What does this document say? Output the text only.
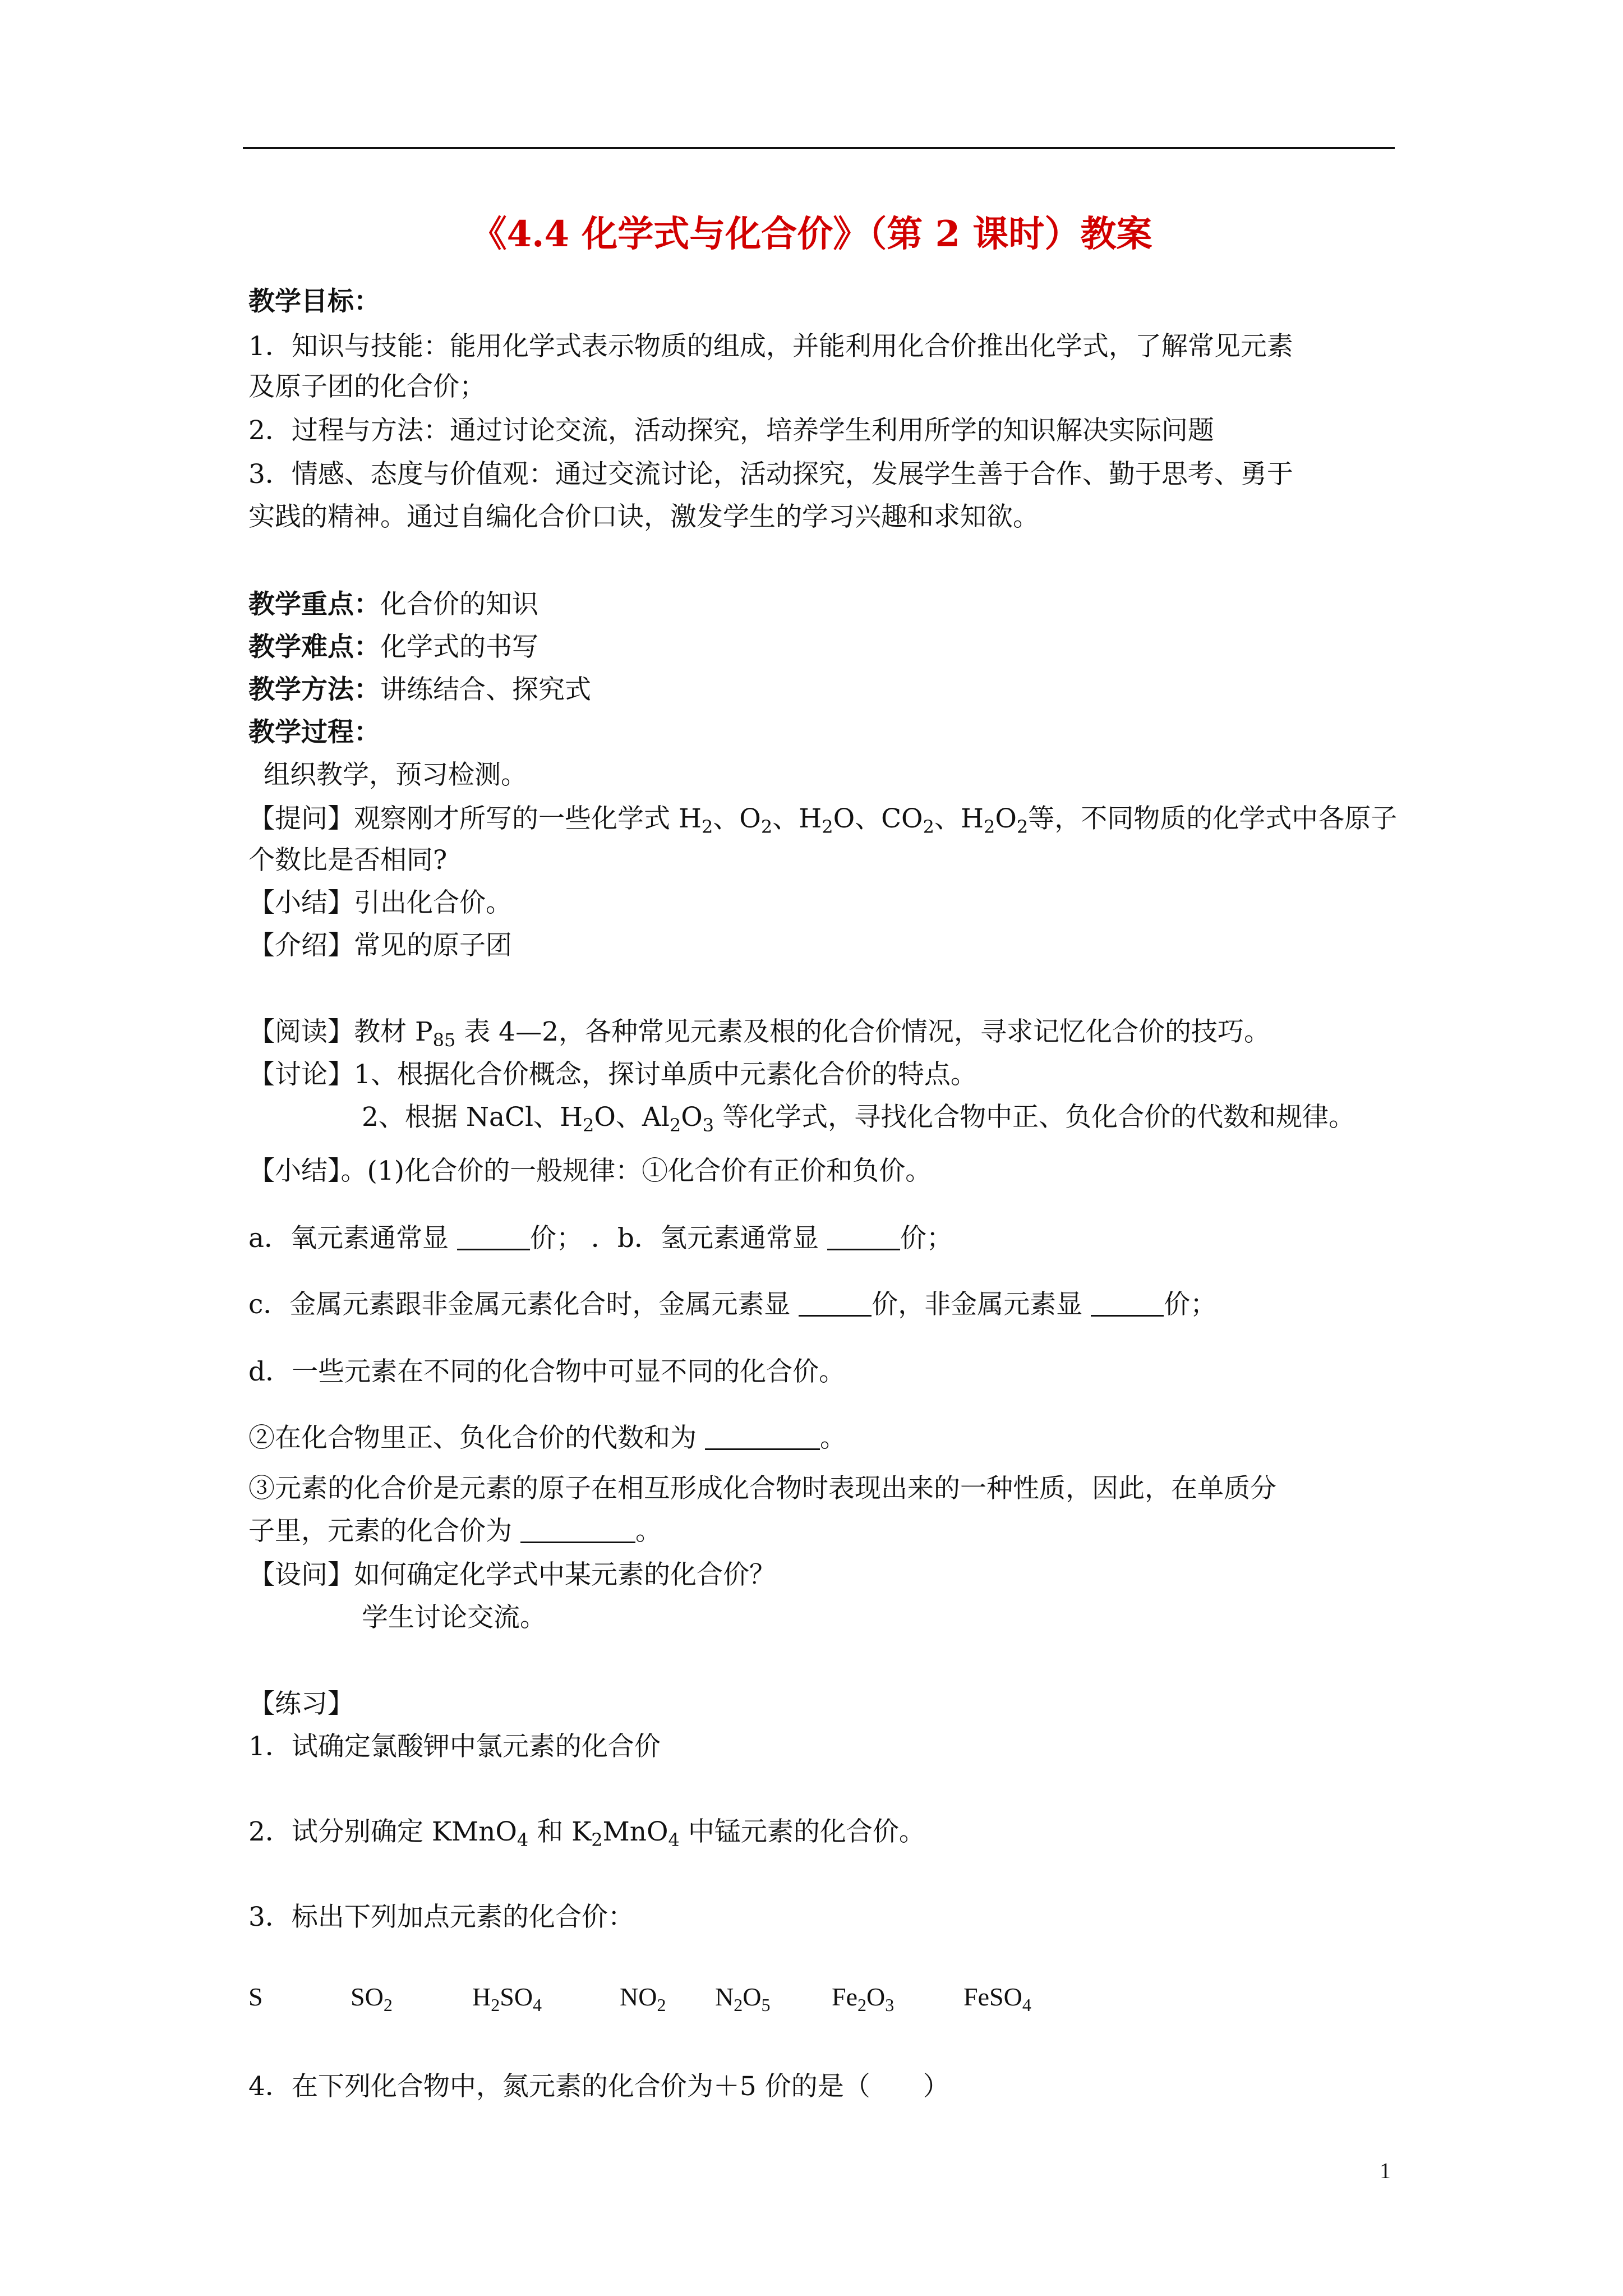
《4.4 化学式与化合价》（第 2 课时）教案

教学目标：

1．知识与技能：能用化学式表示物质的组成，并能利用化合价推出化学式，了解常见元素

及原子团的化合价；

2．过程与方法：通过讨论交流，活动探究，培养学生利用所学的知识解决实际问题

3．情感、态度与价值观：通过交流讨论，活动探究，发展学生善于合作、勤于思考、勇于

实践的精神。通过自编化合价口诀，激发学生的学习兴趣和求知欲。

教学重点：化合价的知识

教学难点：化学式的书写

教学方法：讲练结合、探究式

教学过程：

组织教学，预习检测。

【提问】观察刚才所写的一些化学式 $H_2$、$O_2$、$H_2O$、$CO_2$、$H_2O_2$等，不同物质的化学式中各原子

个数比是否相同?

【小结】引出化合价。

【介绍】常见的原子团

【阅读】教材 $P_{85}$ 表 4—2，各种常见元素及根的化合价情况，寻求记忆化合价的技巧。

【讨论】1、根据化合价概念，探讨单质中元素化合价的特点。

2、根据 NaCl、$H_2O$、$Al_2O_3$ 等化学式，寻找化合物中正、负化合价的代数和规律。

【小结】。(1)化合价的一般规律：①化合价有正价和负价。

a．氧元素通常显	价； ．b．氢元素通常显	价；

c．金属元素跟非金属元素化合时，金属元素显	价，非金属元素显	价；

d．一些元素在不同的化合物中可显不同的化合价。

②在化合物里正、负化合价的代数和为	。

③元素的化合价是元素的原子在相互形成化合物时表现出来的一种性质，因此，在单质分

子里，元素的化合价为	。

【设问】如何确定化学式中某元素的化合价？

学生讨论交流。

【练习】

1．试确定氯酸钾中氯元素的化合价

2．试分别确定 KMnO$_4$ 和 $K_2MnO_4$ 中锰元素的化合价。

3．标出下列加点元素的化合价：

S	$SO_2$	$H_2SO_4$	$NO_2$ $N_2O_5$ $Fe_2O_3$	FeSO$_4$

4．在下列化合物中，氮元素的化合价为＋5 价的是（　　）

1
